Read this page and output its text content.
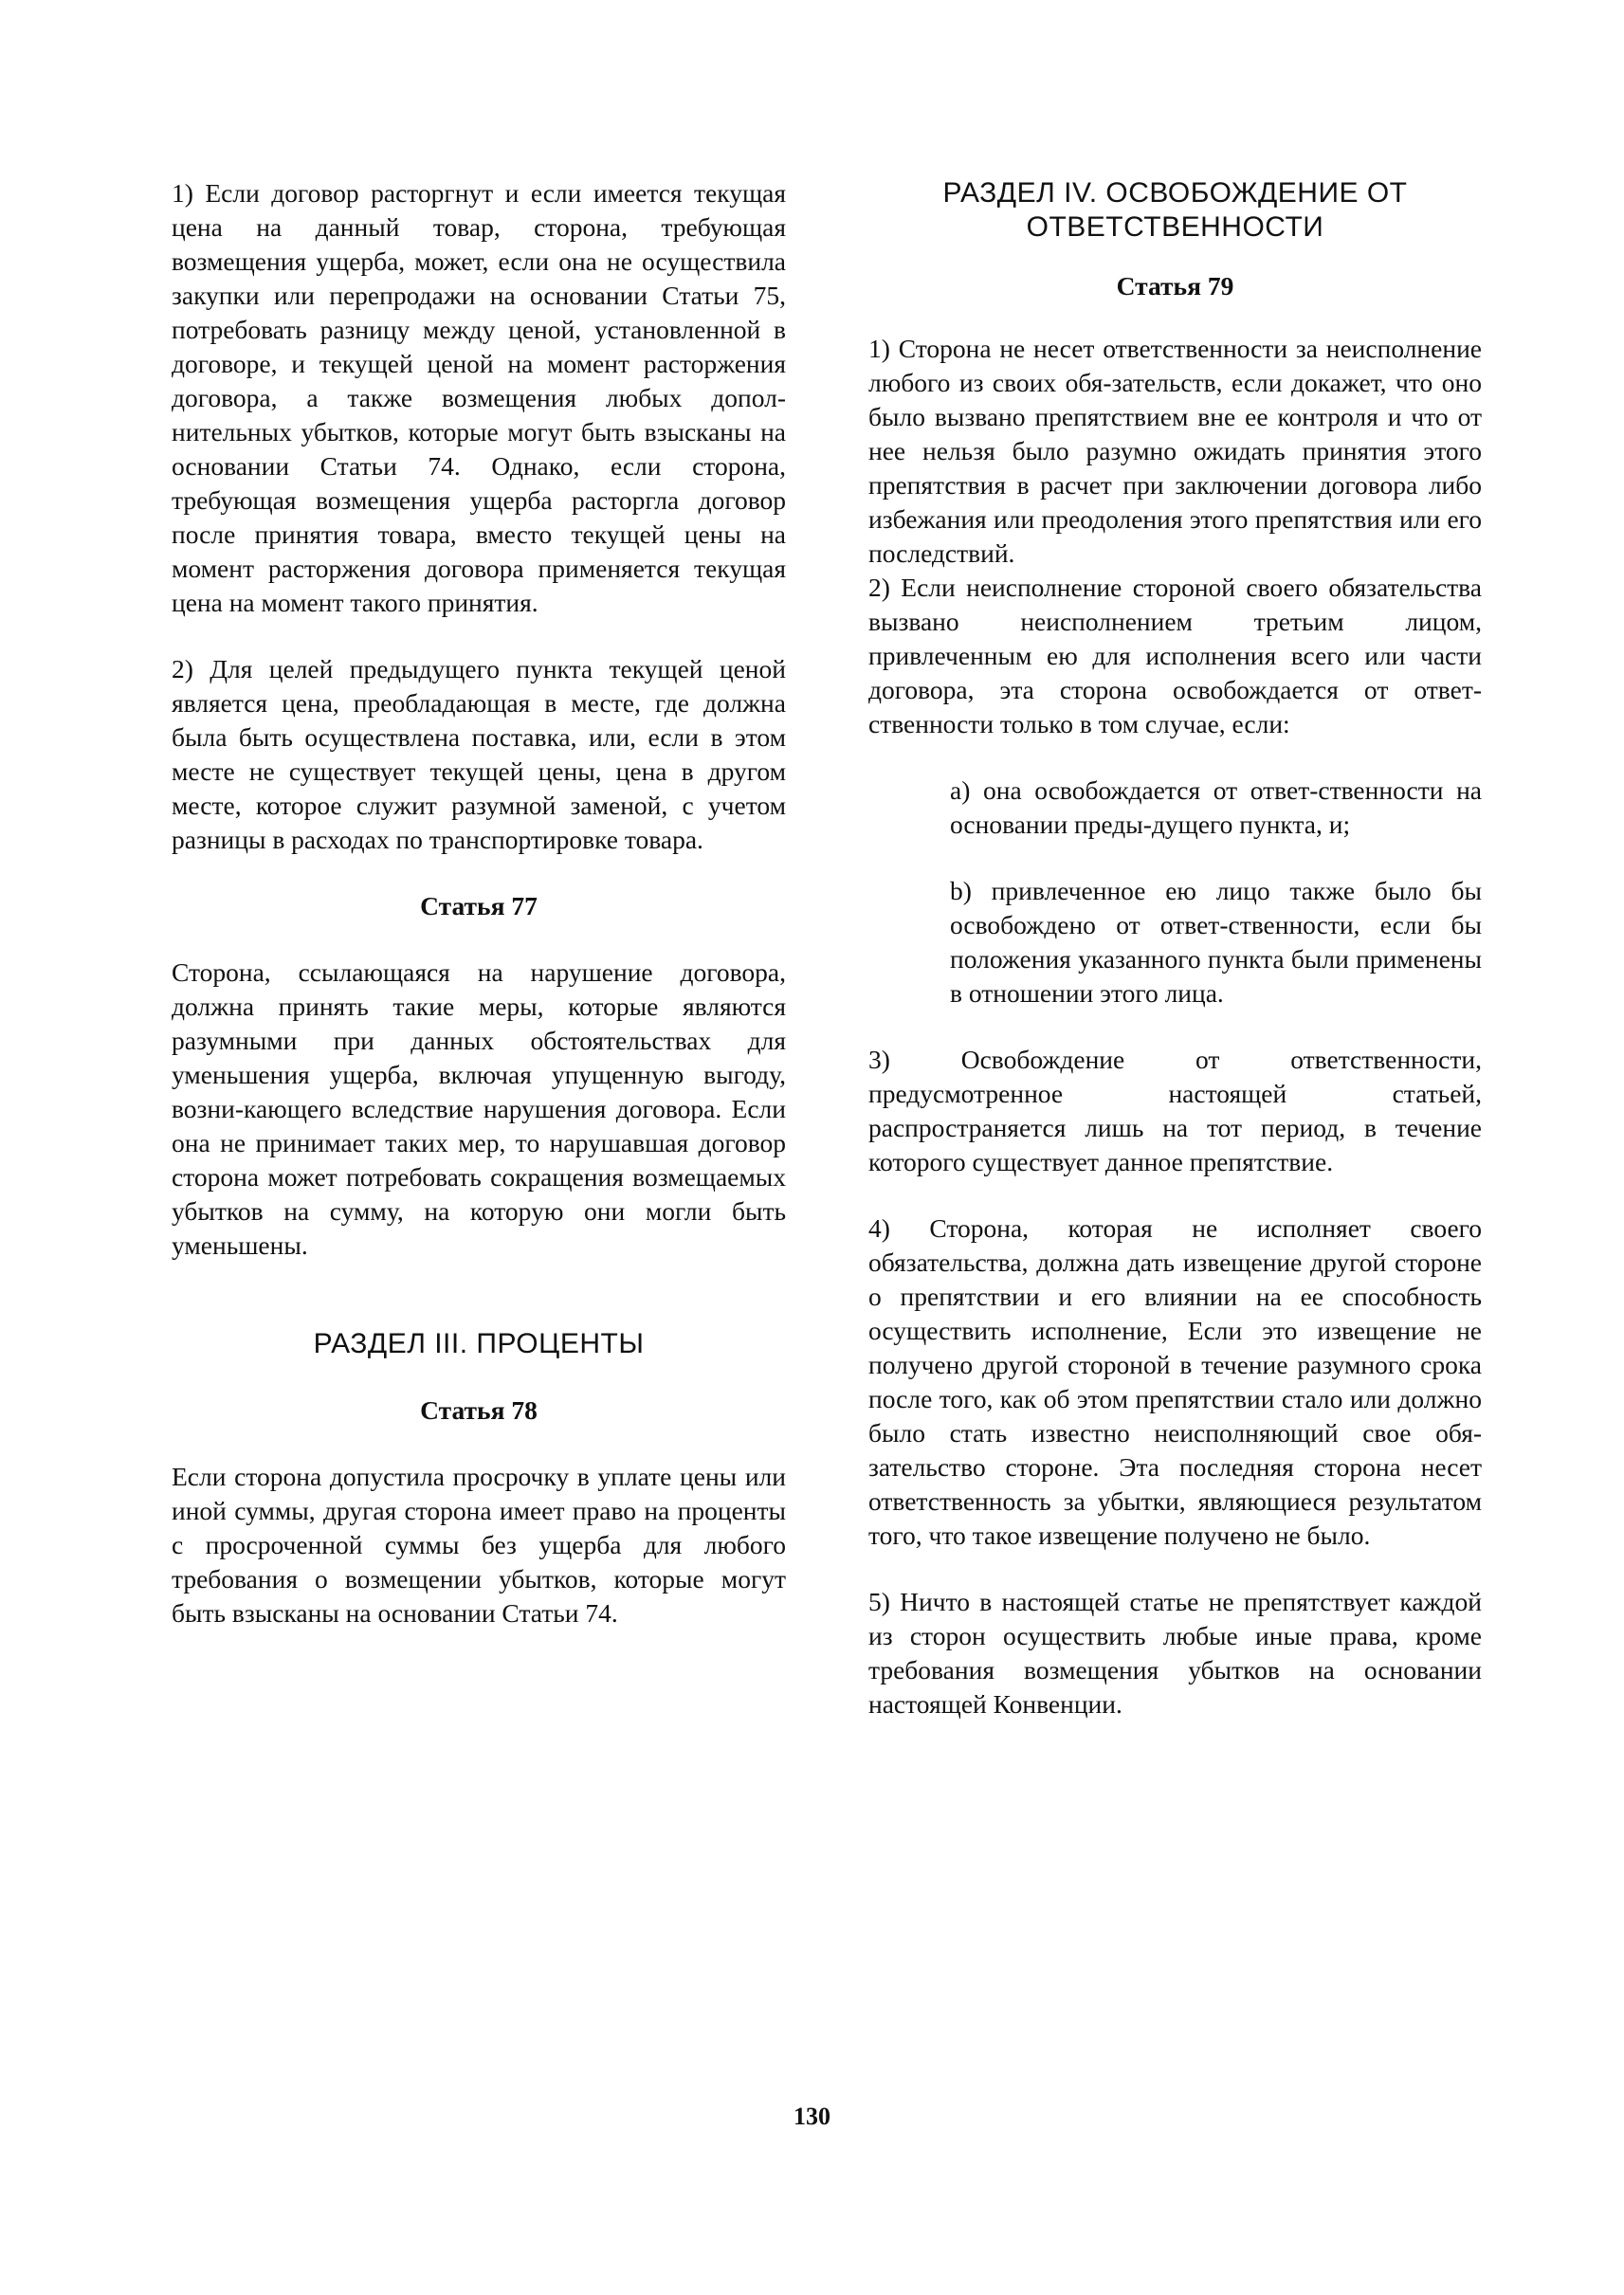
1) Если договор расторгнут и если имеется текущая цена на данный товар, сторона, требующая возмещения ущерба, может, если она не осуществила закупки или перепродажи на основании Статьи 75, потребовать разницу между ценой, установленной в договоре, и текущей ценой на момент расторжения договора, а также возмещения любых допол-нительных убытков, которые могут быть взысканы на основании Статьи 74. Однако, если сторона, требующая возмещения ущерба расторгла договор после принятия товара, вместо текущей цены на момент расторжения договора применяется текущая цена на момент такого принятия.

2) Для целей предыдущего пункта текущей ценой является цена, преобладающая в месте, где должна была быть осуществлена поставка, или, если в этом месте не существует текущей цены, цена в другом месте, которое служит разумной заменой, с учетом разницы в расходах по транспортировке товара.

Статья 77

Сторона, ссылающаяся на нарушение договора, должна принять такие меры, которые являются разумными при данных обстоятельствах для уменьшения ущерба, включая упущенную выгоду, возни-кающего вследствие нарушения договора. Если она не принимает таких мер, то нарушавшая договор сторона может потребовать сокращения возмещаемых убытков на сумму, на которую они могли быть уменьшены.

РАЗДЕЛ III. ПРОЦЕНТЫ

Статья 78

Если сторона допустила просрочку в уплате цены или иной суммы, другая сторона имеет право на проценты с просроченной суммы без ущерба для любого требования о возмещении убытков, которые могут быть взысканы на основании Статьи 74.

РАЗДЕЛ IV. ОСВОБОЖДЕНИЕ ОТ

ОТВЕТСТВЕННОСТИ

Статья 79

1) Сторона не несет ответственности за неисполнение любого из своих обя-зательств, если докажет, что оно было вызвано препятствием вне ее контроля и что от нее нельзя было разумно ожидать принятия этого препятствия в расчет при заключении договора либо избежания или преодоления этого препятствия или его последствий.

2) Если неисполнение стороной своего обязательства вызвано неисполнением третьим лицом, привлеченным ею для исполнения всего или части договора, эта сторона освобождается от ответ-ственности только в том случае, если:

a) она освобождается от ответ-ственности на основании преды-дущего пункта, и;

b) привлеченное ею лицо также было бы освобождено от ответ-ственности, если бы положения указанного пункта были применены в отношении этого лица.

3) Освобождение от ответственности, предусмотренное настоящей статьей, распространяется лишь на тот период, в течение которого существует данное препятствие.

4) Сторона, которая не исполняет своего обязательства, должна дать извещение другой стороне о препятствии и его влиянии на ее способность осуществить исполнение, Если это извещение не получено другой стороной в течение разумного срока после того, как об этом препятствии стало или должно было стать известно неисполняющий свое обя-зательство стороне. Эта последняя сторона несет ответственность за убытки, являющиеся результатом того, что такое извещение получено не было.

5) Ничто в настоящей статье не препятствует каждой из сторон осуществить любые иные права, кроме требования возмещения убытков на основании настоящей Конвенции.

130
